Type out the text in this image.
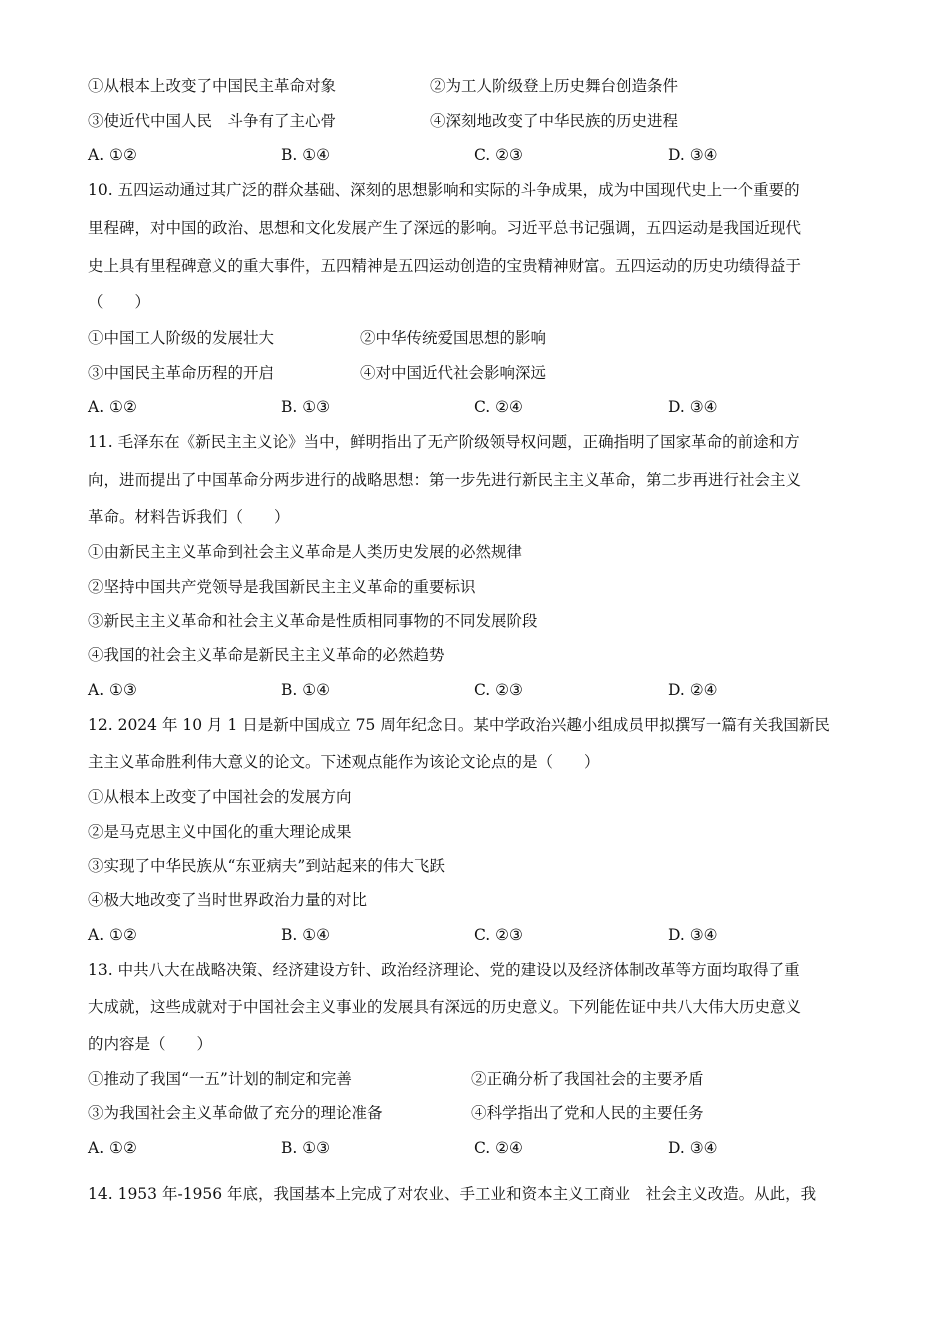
①从根本上改变了中国民主革命对象	②为工人阶级登上历史舞台创造条件
③使近代中国人民　斗争有了主心骨	④深刻地改变了中华民族的历史进程
A. ①②	B. ①④	C. ②③	D. ③④
10. 五四运动通过其广泛的群众基础、深刻的思想影响和实际的斗争成果，成为中国现代史上一个重要的
里程碑，对中国的政治、思想和文化发展产生了深远的影响。习近平总书记强调，五四运动是我国近现代
史上具有里程碑意义的重大事件，五四精神是五四运动创造的宝贵精神财富。五四运动的历史功绩得益于
（　　）
①中国工人阶级的发展壮大	②中华传统爱国思想的影响
③中国民主革命历程的开启	④对中国近代社会影响深远
A. ①②	B. ①③	C. ②④	D. ③④
11. 毛泽东在《新民主主义论》当中，鲜明指出了无产阶级领导权问题，正确指明了国家革命的前途和方
向，进而提出了中国革命分两步进行的战略思想：第一步先进行新民主主义革命，第二步再进行社会主义
革命。材料告诉我们（　　）
①由新民主主义革命到社会主义革命是人类历史发展的必然规律
②坚持中国共产党领导是我国新民主主义革命的重要标识
③新民主主义革命和社会主义革命是性质相同事物的不同发展阶段
④我国的社会主义革命是新民主主义革命的必然趋势
A. ①③	B. ①④	C. ②③	D. ②④
12. 2024 年 10 月 1 日是新中国成立 75 周年纪念日。某中学政治兴趣小组成员甲拟撰写一篇有关我国新民
主主义革命胜利伟大意义的论文。下述观点能作为该论文论点的是（　　）
①从根本上改变了中国社会的发展方向
②是马克思主义中国化的重大理论成果
③实现了中华民族从“东亚病夫”到站起来的伟大飞跃
④极大地改变了当时世界政治力量的对比
A. ①②	B. ①④	C. ②③	D. ③④
13. 中共八大在战略决策、经济建设方针、政治经济理论、党的建设以及经济体制改革等方面均取得了重
大成就，这些成就对于中国社会主义事业的发展具有深远的历史意义。下列能佐证中共八大伟大历史意义
的内容是（　　）
①推动了我国“一五”计划的制定和完善	②正确分析了我国社会的主要矛盾
③为我国社会主义革命做了充分的理论准备	④科学指出了党和人民的主要任务
A. ①②	B. ①③	C. ②④	D. ③④
14. 1953 年-1956 年底，我国基本上完成了对农业、手工业和资本主义工商业　社会主义改造。从此，我
